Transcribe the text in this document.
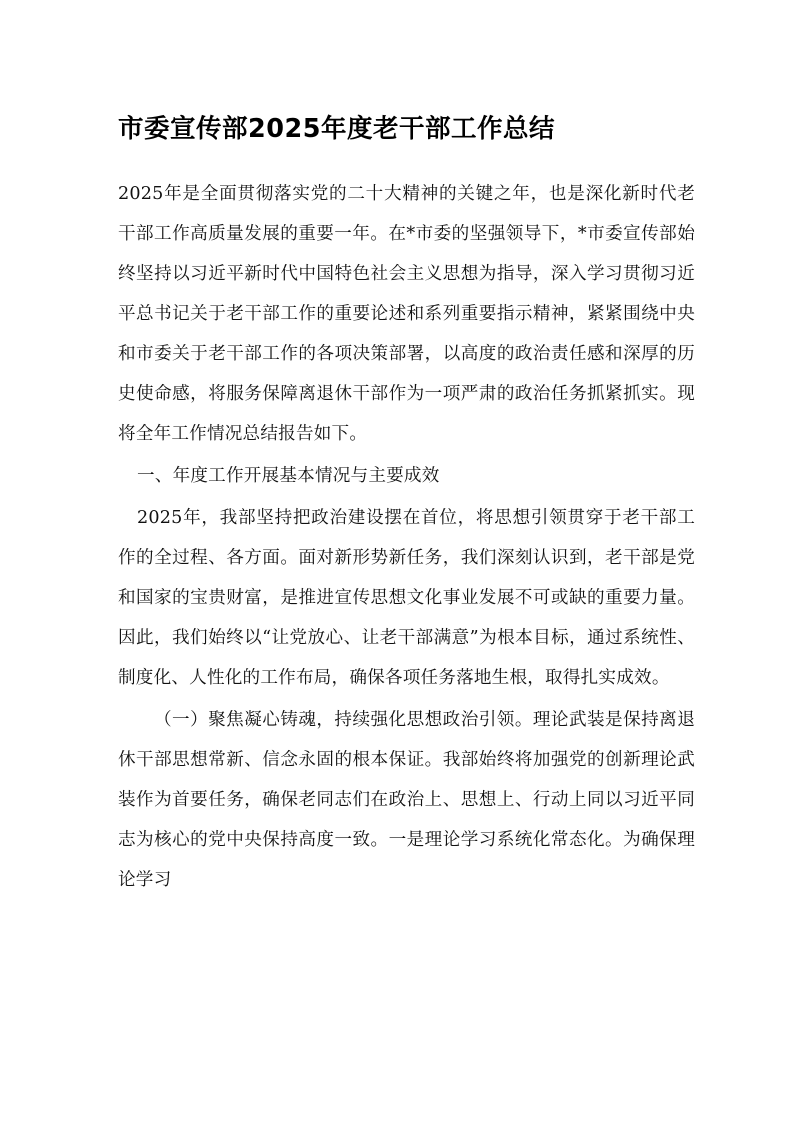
市委宣传部2025年度老干部工作总结

2025年是全面贯彻落实党的二十大精神的关键之年，也是深化新时代老干部工作高质量发展的重要一年。在*市委的坚强领导下，*市委宣传部始终坚持以习近平新时代中国特色社会主义思想为指导，深入学习贯彻习近平总书记关于老干部工作的重要论述和系列重要指示精神，紧紧围绕中央和市委关于老干部工作的各项决策部署，以高度的政治责任感和深厚的历史使命感，将服务保障离退休干部作为一项严肃的政治任务抓紧抓实。现将全年工作情况总结报告如下。

一、年度工作开展基本情况与主要成效

2025年，我部坚持把政治建设摆在首位，将思想引领贯穿于老干部工作的全过程、各方面。面对新形势新任务，我们深刻认识到，老干部是党和国家的宝贵财富，是推进宣传思想文化事业发展不可或缺的重要力量。因此，我们始终以“让党放心、让老干部满意”为根本目标，通过系统性、制度化、人性化的工作布局，确保各项任务落地生根，取得扎实成效。

（一）聚焦凝心铸魂，持续强化思想政治引领。理论武装是保持离退休干部思想常新、信念永固的根本保证。我部始终将加强党的创新理论武装作为首要任务，确保老同志们在政治上、思想上、行动上同以习近平同志为核心的党中央保持高度一致。一是理论学习系统化常态化。为确保理论学习
